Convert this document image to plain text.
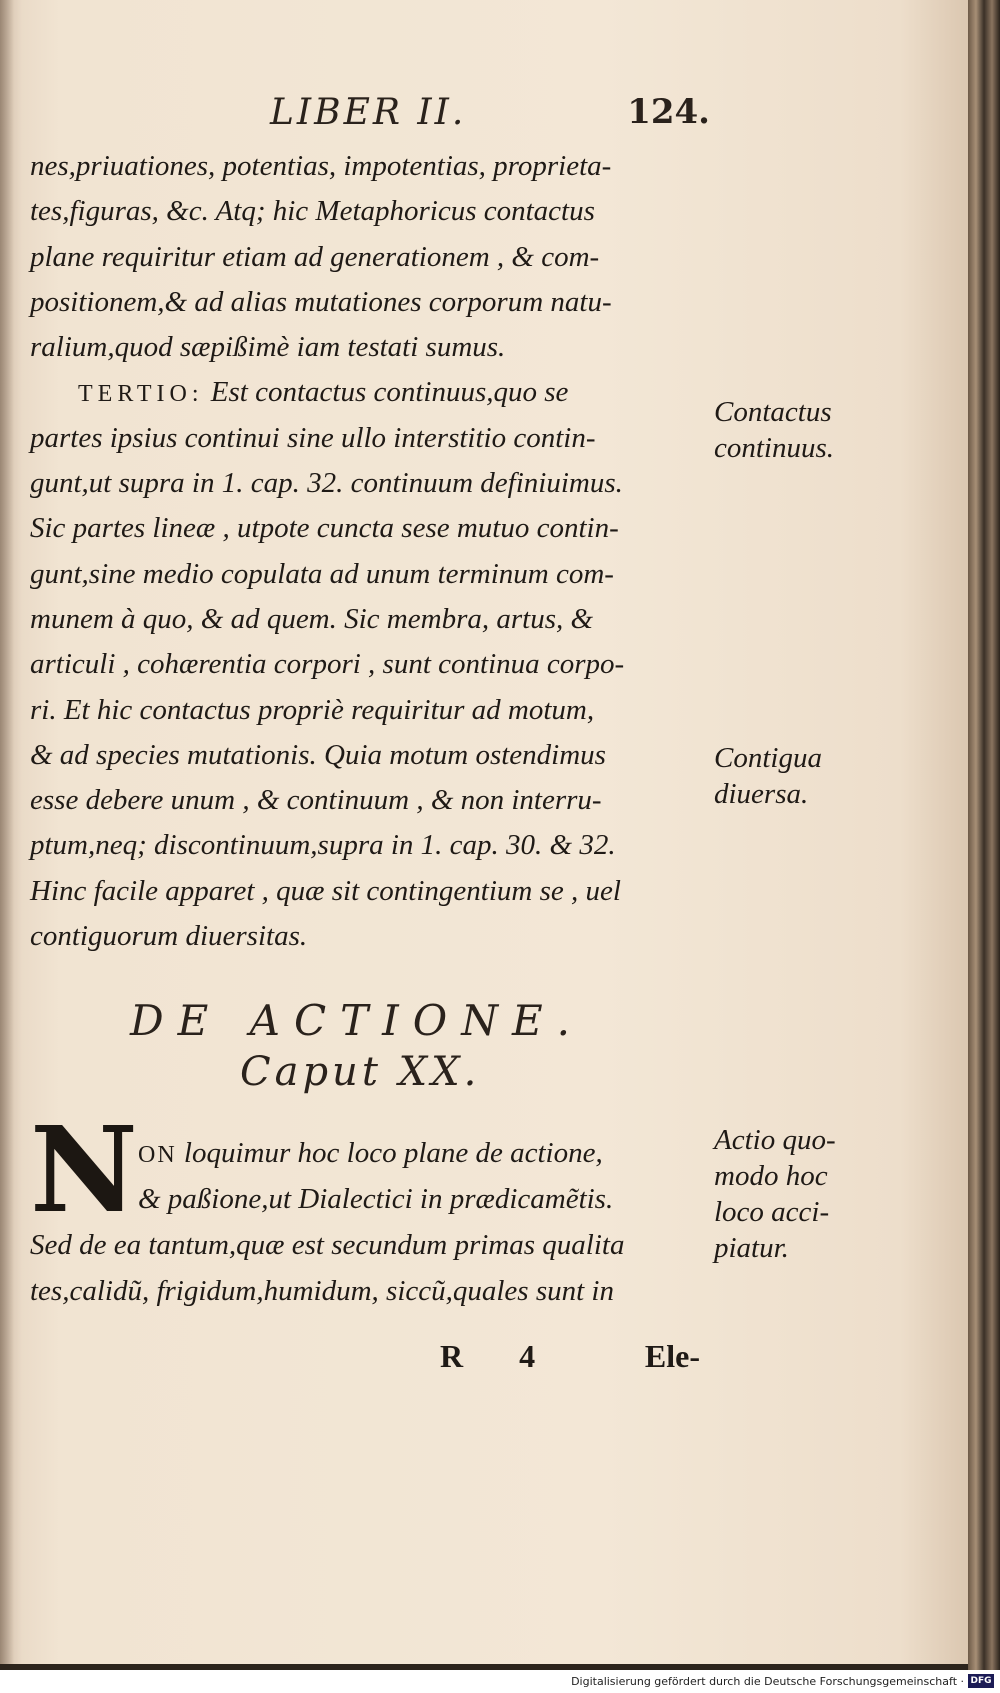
LIBER II.	124.
nes,priuationes, potentias, impotentias, proprieta-
tes,figuras, &c. Atq; hic Metaphoricus contactus
plane requiritur etiam ad generationem , & com-
positionem,& ad alias mutationes corporum natu-
ralium,quod sæpißimè iam testati sumus.
TERTIO: Est contactus continuus,quo se
partes ipsius continui sine ullo interstitio contin-
gunt,ut supra in 1. cap. 32. continuum definiuimus.
Sic partes lineæ , utpote cuncta sese mutuo contin-
gunt,sine medio copulata ad unum terminum com-
munem à quo, & ad quem. Sic membra, artus, &
articuli , cohærentia corpori , sunt continua corpo-
ri. Et hic contactus propriè requiritur ad motum,
& ad species mutationis. Quia motum ostendimus
esse debere unum , & continuum , & non interru-
ptum,neq; discontinuum,supra in 1. cap. 30. & 32.
Hinc facile apparet , quæ sit contingentium se , uel
contiguorum diuersitas.
Contactus
continuus.
Contigua
diuersa.
Actio quo-
modo hoc
loco acci-
piatur.
DE ACTIONE.
Caput XX.
N ON loquimur hoc loco plane de actione,
& paßione,ut Dialectici in prædicamẽtis.
Sed de ea tantum,quæ est secundum primas qualita
tes,calidũ, frigidum,humidum, siccũ,quales sunt in
R 4	Ele-
Digitalisierung gefördert durch die Deutsche Forschungsgemeinschaft · DFG
